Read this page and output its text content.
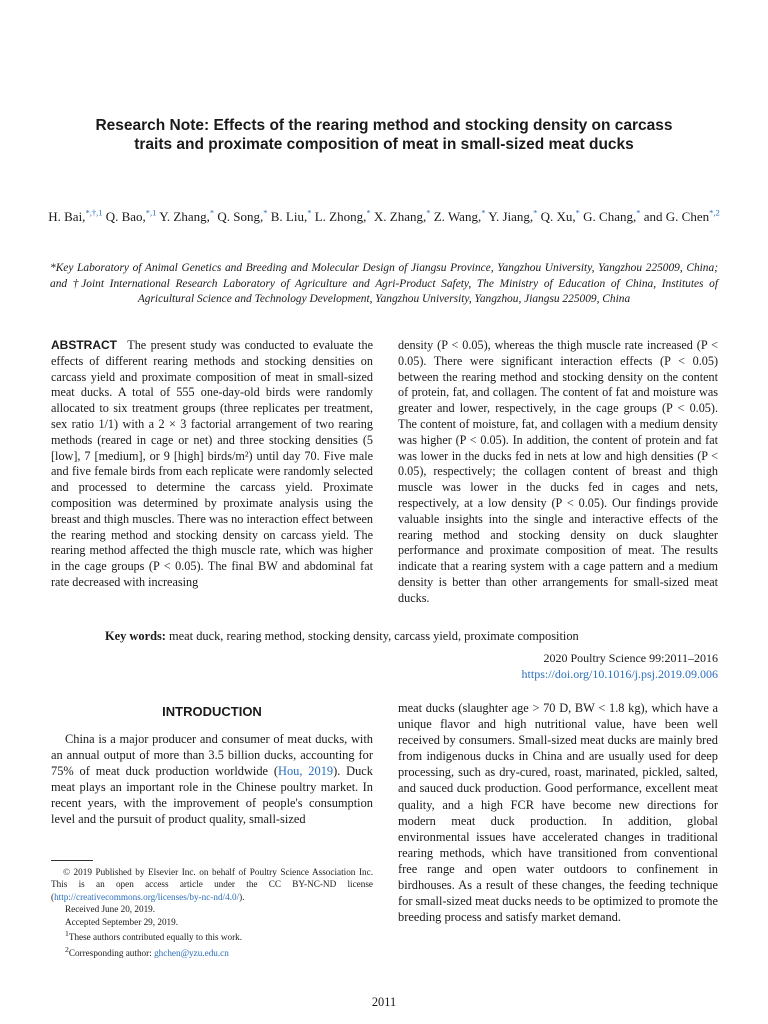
Research Note: Effects of the rearing method and stocking density on carcass traits and proximate composition of meat in small-sized meat ducks
H. Bai,$^{*,\dagger,1}$ Q. Bao,$^{*,1}$ Y. Zhang,* Q. Song,* B. Liu,* L. Zhong,* X. Zhang,* Z. Wang,* Y. Jiang,* Q. Xu,* G. Chang,* and G. Chen$^{*,2}$
*Key Laboratory of Animal Genetics and Breeding and Molecular Design of Jiangsu Province, Yangzhou University, Yangzhou 225009, China; and †Joint International Research Laboratory of Agriculture and Agri-Product Safety, The Ministry of Education of China, Institutes of Agricultural Science and Technology Development, Yangzhou University, Yangzhou, Jiangsu 225009, China
ABSTRACT The present study was conducted to evaluate the effects of different rearing methods and stocking densities on carcass yield and proximate composition of meat in small-sized meat ducks. A total of 555 one-day-old birds were randomly allocated to six treatment groups (three replicates per treatment, sex ratio 1/1) with a 2 × 3 factorial arrangement of two rearing methods (reared in cage or net) and three stocking densities (5 [low], 7 [medium], or 9 [high] birds/m²) until day 70. Five male and five female birds from each replicate were randomly selected and processed to determine the carcass yield. Proximate composition was determined by proximate analysis using the breast and thigh muscles. There was no interaction effect between the rearing method and stocking density on carcass yield. The rearing method affected the thigh muscle rate, which was higher in the cage groups (P < 0.05). The final BW and abdominal fat rate decreased with increasing
density (P < 0.05), whereas the thigh muscle rate increased (P < 0.05). There were significant interaction effects (P < 0.05) between the rearing method and stocking density on the content of protein, fat, and collagen. The content of fat and moisture was greater and lower, respectively, in the cage groups (P < 0.05). The content of moisture, fat, and collagen with a medium density was higher (P < 0.05). In addition, the content of protein and fat was lower in the ducks fed in nets at low and high densities (P < 0.05), respectively; the collagen content of breast and thigh muscle was lower in the ducks fed in cages and nets, respectively, at a low density (P < 0.05). Our findings provide valuable insights into the single and interactive effects of the rearing method and stocking density on duck slaughter performance and proximate composition of meat. The results indicate that a rearing system with a cage pattern and a medium density is better than other arrangements for small-sized meat ducks.
Key words: meat duck, rearing method, stocking density, carcass yield, proximate composition
2020 Poultry Science 99:2011–2016
https://doi.org/10.1016/j.psj.2019.09.006
INTRODUCTION
China is a major producer and consumer of meat ducks, with an annual output of more than 3.5 billion ducks, accounting for 75% of meat duck production worldwide (Hou, 2019). Duck meat plays an important role in the Chinese poultry market. In recent years, with the improvement of people's consumption level and the pursuit of product quality, small-sized
meat ducks (slaughter age > 70 D, BW < 1.8 kg), which have a unique flavor and high nutritional value, have been well received by consumers. Small-sized meat ducks are mainly bred from indigenous ducks in China and are usually used for deep processing, such as dry-cured, roast, marinated, pickled, salted, and sauced duck production. Good performance, excellent meat quality, and a high FCR have become new directions for modern meat duck production. In addition, global environmental issues have accelerated changes in traditional rearing methods, which have transitioned from conventional free range and open water outdoors to confinement in birdhouses. As a result of these changes, the feeding technique for small-sized meat ducks needs to be optimized to promote the breeding process and satisfy market demand.

© 2019 Published by Elsevier Inc. on behalf of Poultry Science Association Inc. This is an open access article under the CC BY-NC-ND license (http://creativecommons.org/licenses/by-nc-nd/4.0/).

Received June 20, 2019.

Accepted September 29, 2019.

$^1$These authors contributed equally to this work.

$^2$Corresponding author: ghchen@yzu.edu.cn

2011
